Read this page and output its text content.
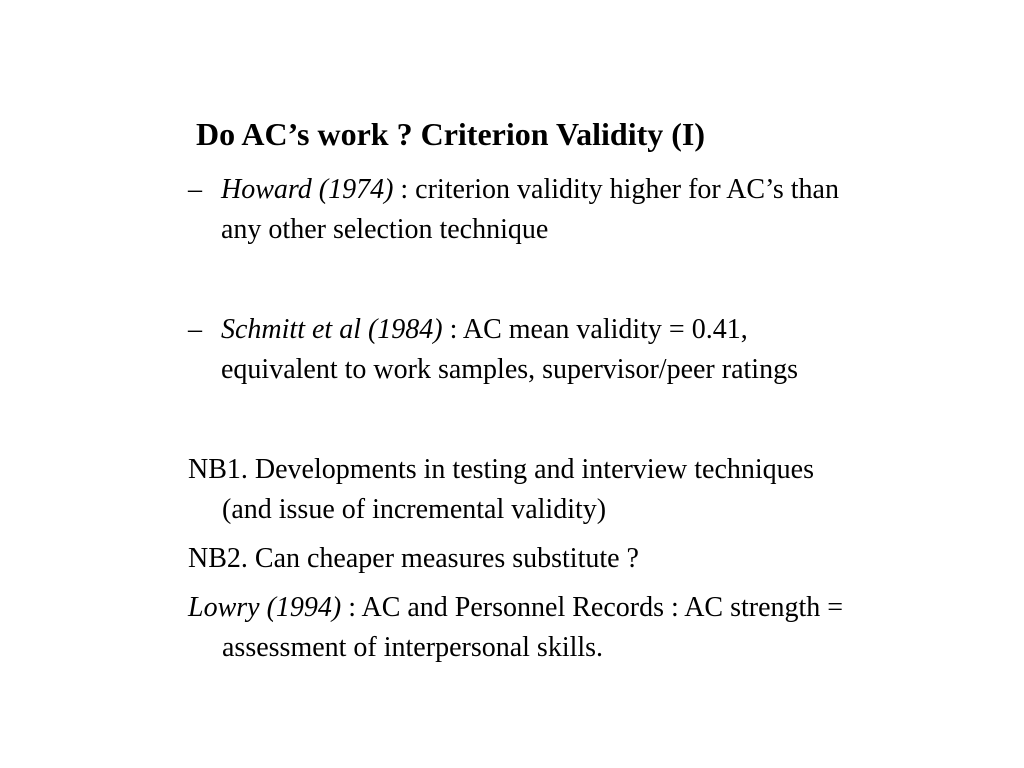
Do AC’s work ? Criterion Validity (I)
– Howard (1974) : criterion validity higher for AC’s than
any other selection technique
– Schmitt et al (1984) : AC mean validity = 0.41,
equivalent to work samples, supervisor/peer ratings
NB1. Developments in testing and interview techniques
(and issue of incremental validity)
NB2. Can cheaper measures substitute ?
Lowry (1994) : AC and Personnel Records : AC strength =
assessment of interpersonal skills.
